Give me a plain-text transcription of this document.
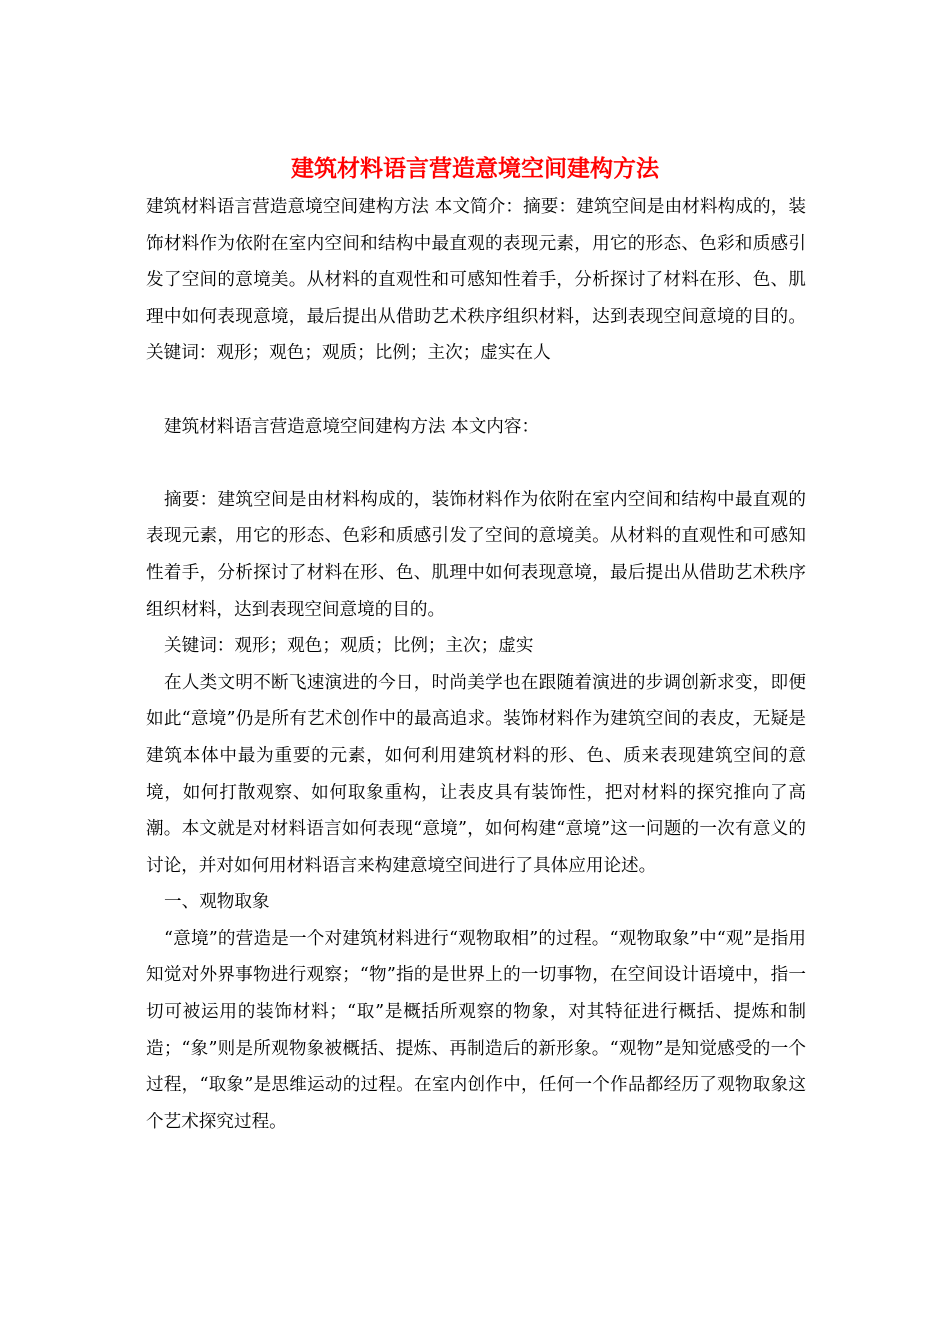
建筑材料语言营造意境空间建构方法

建筑材料语言营造意境空间建构方法 本文简介：摘要：建筑空间是由材料构成的，装饰材料作为依附在室内空间和结构中最直观的表现元素，用它的形态、色彩和质感引发了空间的意境美。从材料的直观性和可感知性着手，分析探讨了材料在形、色、肌理中如何表现意境，最后提出从借助艺术秩序组织材料，达到表现空间意境的目的。关键词：观形；观色；观质；比例；主次；虚实在人

建筑材料语言营造意境空间建构方法 本文内容：

摘要：建筑空间是由材料构成的，装饰材料作为依附在室内空间和结构中最直观的表现元素，用它的形态、色彩和质感引发了空间的意境美。从材料的直观性和可感知性着手，分析探讨了材料在形、色、肌理中如何表现意境，最后提出从借助艺术秩序组织材料，达到表现空间意境的目的。

关键词：观形；观色；观质；比例；主次；虚实

在人类文明不断飞速演进的今日，时尚美学也在跟随着演进的步调创新求变，即便如此“意境”仍是所有艺术创作中的最高追求。装饰材料作为建筑空间的表皮，无疑是建筑本体中最为重要的元素，如何利用建筑材料的形、色、质来表现建筑空间的意境，如何打散观察、如何取象重构，让表皮具有装饰性，把对材料的探究推向了高潮。本文就是对材料语言如何表现“意境”，如何构建“意境”这一问题的一次有意义的讨论，并对如何用材料语言来构建意境空间进行了具体应用论述。

一、观物取象

“意境”的营造是一个对建筑材料进行“观物取相”的过程。“观物取象”中“观”是指用知觉对外界事物进行观察；“物”指的是世界上的一切事物，在空间设计语境中，指一切可被运用的装饰材料；“取”是概括所观察的物象，对其特征进行概括、提炼和制造；“象”则是所观物象被概括、提炼、再制造后的新形象。“观物”是知觉感受的一个过程，“取象”是思维运动的过程。在室内创作中，任何一个作品都经历了观物取象这个艺术探究过程。
